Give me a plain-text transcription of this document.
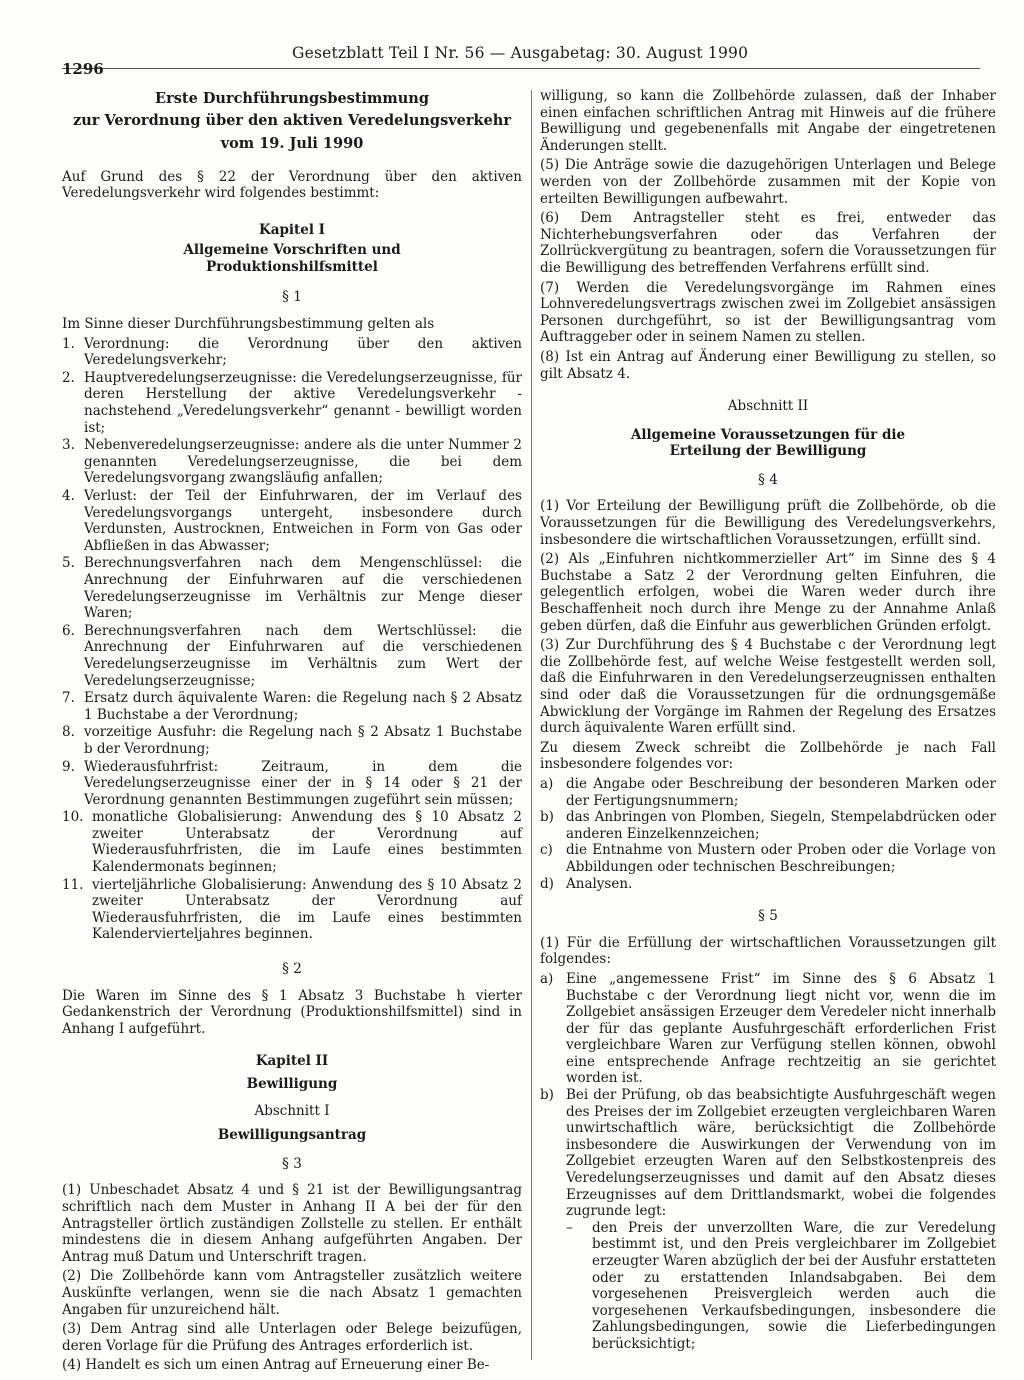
1296
Gesetzblatt Teil I Nr. 56 — Ausgabetag: 30. August 1990
Erste Durchführungsbestimmung
zur Verordnung über den aktiven Veredelungsverkehr
vom 19. Juli 1990

Auf Grund des § 22 der Verordnung über den aktiven Veredelungsverkehr wird folgendes bestimmt:

Kapitel I
Allgemeine Vorschriften und Produktionshilfsmittel
§ 1

Im Sinne dieser Durchführungsbestimmung gelten als

1. Verordnung: die Verordnung über den aktiven Veredelungsverkehr;
2. Hauptveredelungserzeugnisse: die Veredelungserzeugnisse, für deren Herstellung der aktive Veredelungsverkehr - nachstehend „Veredelungsverkehr“ genannt - bewilligt worden ist;
3. Nebenveredelungserzeugnisse: andere als die unter Nummer 2 genannten Veredelungserzeugnisse, die bei dem Veredelungsvorgang zwangsläufig anfallen;
4. Verlust: der Teil der Einfuhrwaren, der im Verlauf des Veredelungsvorgangs untergeht, insbesondere durch Verdunsten, Austrocknen, Entweichen in Form von Gas oder Abfließen in das Abwasser;
5. Berechnungsverfahren nach dem Mengenschlüssel: die Anrechnung der Einfuhrwaren auf die verschiedenen Veredelungserzeugnisse im Verhältnis zur Menge dieser Waren;
6. Berechnungsverfahren nach dem Wertschlüssel: die Anrechnung der Einfuhrwaren auf die verschiedenen Veredelungserzeugnisse im Verhältnis zum Wert der Veredelungserzeugnisse;
7. Ersatz durch äquivalente Waren: die Regelung nach § 2 Absatz 1 Buchstabe a der Verordnung;
8. vorzeitige Ausfuhr: die Regelung nach § 2 Absatz 1 Buchstabe b der Verordnung;
9. Wiederausfuhrfrist: Zeitraum, in dem die Veredelungserzeugnisse einer der in § 14 oder § 21 der Verordnung genannten Bestimmungen zugeführt sein müssen;
10. monatliche Globalisierung: Anwendung des § 10 Absatz 2 zweiter Unterabsatz der Verordnung auf Wiederausfuhrfristen, die im Laufe eines bestimmten Kalendermonats beginnen;
11. vierteljährliche Globalisierung: Anwendung des § 10 Absatz 2 zweiter Unterabsatz der Verordnung auf Wiederausfuhrfristen, die im Laufe eines bestimmten Kalendervierteljahres beginnen.
§ 2

Die Waren im Sinne des § 1 Absatz 3 Buchstabe h vierter Gedankenstrich der Verordnung (Produktionshilfsmittel) sind in Anhang I aufgeführt.

Kapitel II
Bewilligung
Abschnitt I
Bewilligungsantrag
§ 3

(1) Unbeschadet Absatz 4 und § 21 ist der Bewilligungsantrag schriftlich nach dem Muster in Anhang II A bei der für den Antragsteller örtlich zuständigen Zollstelle zu stellen. Er enthält mindestens die in diesem Anhang aufgeführten Angaben. Der Antrag muß Datum und Unterschrift tragen.

(2) Die Zollbehörde kann vom Antragsteller zusätzlich weitere Auskünfte verlangen, wenn sie die nach Absatz 1 gemachten Angaben für unzureichend hält.

(3) Dem Antrag sind alle Unterlagen oder Belege beizufügen, deren Vorlage für die Prüfung des Antrages erforderlich ist.

(4) Handelt es sich um einen Antrag auf Erneuerung einer Be-

willigung, so kann die Zollbehörde zulassen, daß der Inhaber einen einfachen schriftlichen Antrag mit Hinweis auf die frühere Bewilligung und gegebenenfalls mit Angabe der eingetretenen Änderungen stellt.

(5) Die Anträge sowie die dazugehörigen Unterlagen und Belege werden von der Zollbehörde zusammen mit der Kopie von erteilten Bewilligungen aufbewahrt.

(6) Dem Antragsteller steht es frei, entweder das Nichterhebungsverfahren oder das Verfahren der Zollrückvergütung zu beantragen, sofern die Voraussetzungen für die Bewilligung des betreffenden Verfahrens erfüllt sind.

(7) Werden die Veredelungsvorgänge im Rahmen eines Lohnveredelungsvertrags zwischen zwei im Zollgebiet ansässigen Personen durchgeführt, so ist der Bewilligungsantrag vom Auftraggeber oder in seinem Namen zu stellen.

(8) Ist ein Antrag auf Änderung einer Bewilligung zu stellen, so gilt Absatz 4.

Abschnitt II
Allgemeine Voraussetzungen für die Erteilung der Bewilligung
§ 4

(1) Vor Erteilung der Bewilligung prüft die Zollbehörde, ob die Voraussetzungen für die Bewilligung des Veredelungsverkehrs, insbesondere die wirtschaftlichen Voraussetzungen, erfüllt sind.

(2) Als „Einfuhren nichtkommerzieller Art“ im Sinne des § 4 Buchstabe a Satz 2 der Verordnung gelten Einfuhren, die gelegentlich erfolgen, wobei die Waren weder durch ihre Beschaffenheit noch durch ihre Menge zu der Annahme Anlaß geben dürfen, daß die Einfuhr aus gewerblichen Gründen erfolgt.

(3) Zur Durchführung des § 4 Buchstabe c der Verordnung legt die Zollbehörde fest, auf welche Weise festgestellt werden soll, daß die Einfuhrwaren in den Veredelungserzeugnissen enthalten sind oder daß die Voraussetzungen für die ordnungsgemäße Abwicklung der Vorgänge im Rahmen der Regelung des Ersatzes durch äquivalente Waren erfüllt sind.

Zu diesem Zweck schreibt die Zollbehörde je nach Fall insbesondere folgendes vor:

a) die Angabe oder Beschreibung der besonderen Marken oder der Fertigungsnummern;
b) das Anbringen von Plomben, Siegeln, Stempelabdrücken oder anderen Einzelkennzeichen;
c) die Entnahme von Mustern oder Proben oder die Vorlage von Abbildungen oder technischen Beschreibungen;
d) Analysen.
§ 5

(1) Für die Erfüllung der wirtschaftlichen Voraussetzungen gilt folgendes:

a) Eine „angemessene Frist“ im Sinne des § 6 Absatz 1 Buchstabe c der Verordnung liegt nicht vor, wenn die im Zollgebiet ansässigen Erzeuger dem Veredeler nicht innerhalb der für das geplante Ausfuhrgeschäft erforderlichen Frist vergleichbare Waren zur Verfügung stellen können, obwohl eine entsprechende Anfrage rechtzeitig an sie gerichtet worden ist.
b) Bei der Prüfung, ob das beabsichtigte Ausfuhrgeschäft wegen des Preises der im Zollgebiet erzeugten vergleichbaren Waren unwirtschaftlich wäre, berücksichtigt die Zollbehörde insbesondere die Auswirkungen der Verwendung von im Zollgebiet erzeugten Waren auf den Selbstkostenpreis des Veredelungserzeugnisses und damit auf den Absatz dieses Erzeugnisses auf dem Drittlandsmarkt, wobei die folgendes zugrunde legt:
–	den Preis der unverzollten Ware, die zur Veredelung bestimmt ist, und den Preis vergleichbarer im Zollgebiet erzeugter Waren abzüglich der bei der Ausfuhr erstatteten oder zu erstattenden Inlandsabgaben. Bei dem vorgesehenen Preisvergleich werden auch die vorgesehenen Verkaufsbedingungen, insbesondere die Zahlungsbedingungen, sowie die Lieferbedingungen berücksichtigt;
